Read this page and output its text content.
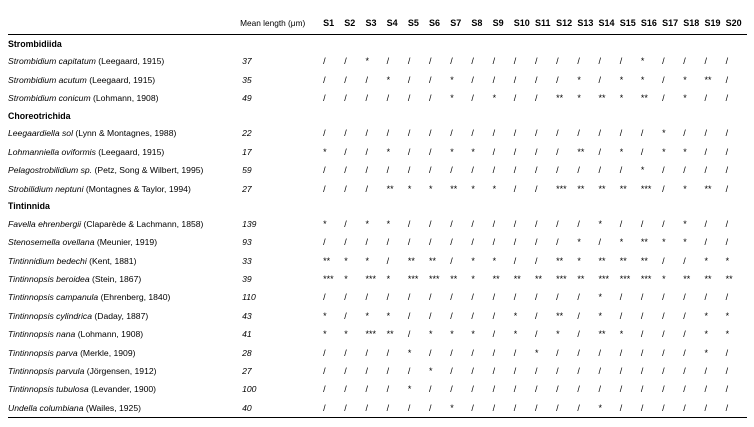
	Mean length (μm)	S1	S2	S3	S4	S5	S6	S7	S8	S9	S10	S11	S12	S13	S14	S15	S16	S17	S18	S19	S20
Strombidiida																					
Strombidium capitatum (Leegaard, 1915)	37	/	/	*	/	/	/	/	/	/	/	/	/	/	/	/	*	/	/	/	/
Strombidium acutum (Leegaard, 1915)	35	/	/	/	*	/	/	*	/	/	/	/	/	*	/	*	*	/	*	**	/
Strombidium conicum (Lohmann, 1908)	49	/	/	/	/	/	/	*	/	*	/	/	**	*	**	*	**	/	*	/	/
Choreotrichida																					
Leegaardiella sol (Lynn & Montagnes, 1988)	22	/	/	/	/	/	/	/	/	/	/	/	/	/	/	/	/	*	/	/	/
Lohmanniella oviformis (Leegaard, 1915)	17	*	/	/	*	/	/	*	*	/	/	/	/	**	/	*	/	*	*	/	/
Pelagostrobilidium sp. (Petz, Song & Wilbert, 1995)	59	/	/	/	/	/	/	/	/	/	/	/	/	/	/	/	*	/	/	/	/
Strobilidium neptuni (Montagnes & Taylor, 1994)	27	/	/	/	**	*	*	**	*	*	/	/	***	**	**	**	***	/	*	**	/
Tintinnida																					
Favella ehrenbergii (Claparède & Lachmann, 1858)	139	*	/	*	*	/	/	/	/	/	/	/	/	/	*	/	/	/	*	/	/
Stenosemella ovellana (Meunier, 1919)	93	/	/	/	/	/	/	/	/	/	/	/	/	*	/	*	**	*	*	/	/
Tintinnidium bedechi (Kent, 1881)	33	**	*	*	/	**	**	/	*	*	/	/	**	*	**	**	**	/	/	*	*
Tintinnopsis beroidea (Stein, 1867)	39	***	*	***	*	***	***	**	*	**	**	**	***	**	***	***	***	*	**	**	**
Tintinnopsis campanula (Ehrenberg, 1840)	110	/	/	/	/	/	/	/	/	/	/	/	/	/	*	/	/	/	/	/	/
Tintinnopsis cylindrica (Daday, 1887)	43	*	/	*	*	/	/	/	/	/	*	/	**	/	*	/	/	/	/	*	*
Tintinnopsis nana (Lohmann, 1908)	41	*	*	***	**	/	*	*	*	/	*	/	*	/	**	*	/	/	/	*	*
Tintinnopsis parva (Merkle, 1909)	28	/	/	/	/	*	/	/	/	/	/	*	/	/	/	/	/	/	/	*	/
Tintinnopsis parvula (Jörgensen, 1912)	27	/	/	/	/	/	*	/	/	/	/	/	/	/	/	/	/	/	/	/	/
Tintinnopsis tubulosa (Levander, 1900)	100	/	/	/	/	*	/	/	/	/	/	/	/	/	/	/	/	/	/	/	/
Undella columbiana (Wailes, 1925)	40	/	/	/	/	/	/	*	/	/	/	/	/	/	*	/	/	/	/	/	/
